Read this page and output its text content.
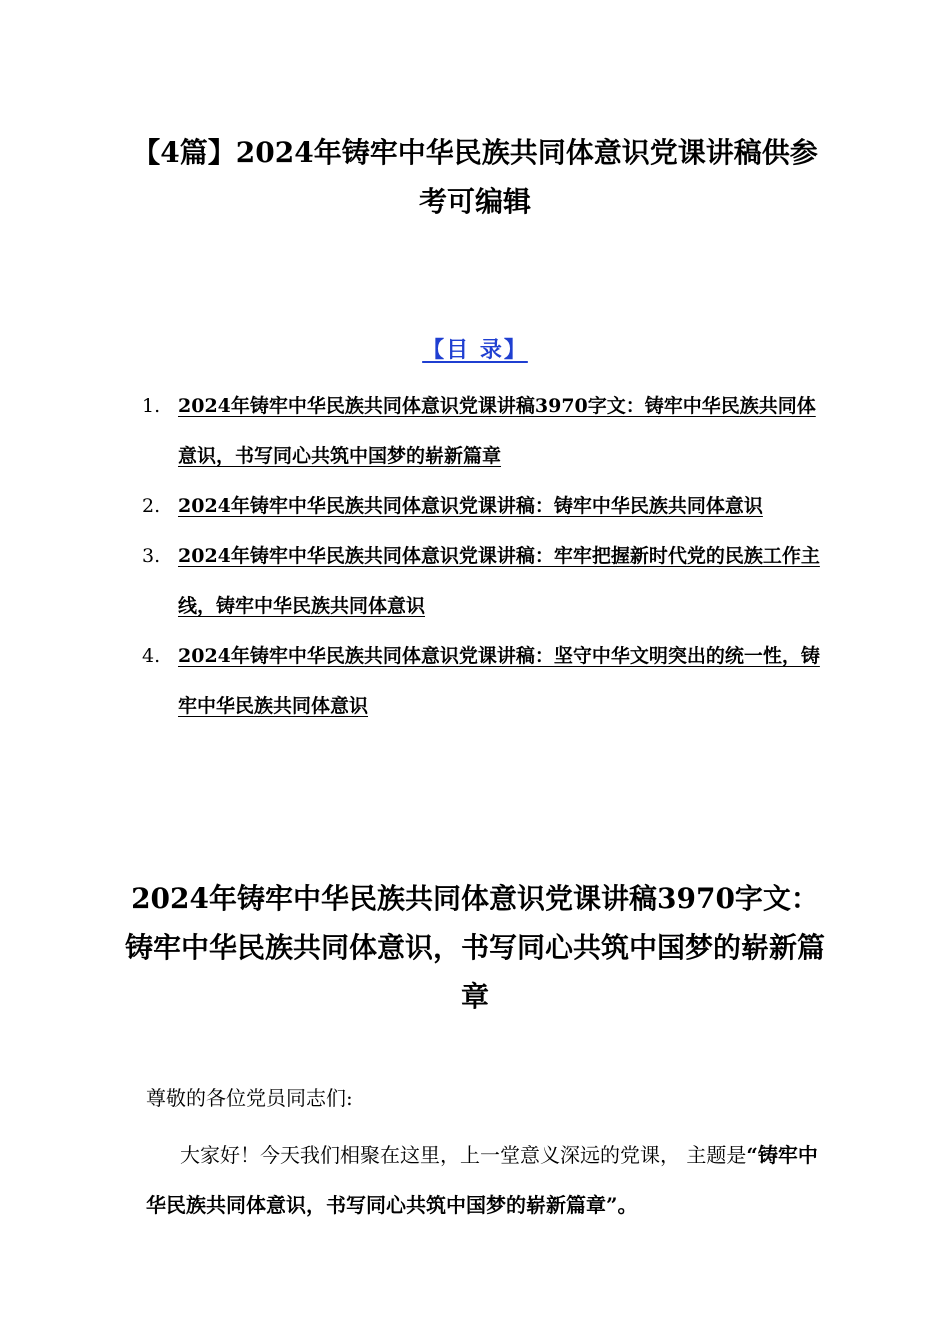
【4篇】2024年铸牢中华民族共同体意识党课讲稿供参考可编辑
【目 录】
1. 2024年铸牢中华民族共同体意识党课讲稿3970字文：铸牢中华民族共同体意识，书写同心共筑中国梦的崭新篇章
2. 2024年铸牢中华民族共同体意识党课讲稿：铸牢中华民族共同体意识
3. 2024年铸牢中华民族共同体意识党课讲稿：牢牢把握新时代党的民族工作主线，铸牢中华民族共同体意识
4. 2024年铸牢中华民族共同体意识党课讲稿：坚守中华文明突出的统一性，铸牢中华民族共同体意识
2024年铸牢中华民族共同体意识党课讲稿3970字文：铸牢中华民族共同体意识，书写同心共筑中国梦的崭新篇章
尊敬的各位党员同志们:

大家好！今天我们相聚在这里，上一堂意义深远的党课， 主题是“铸牢中华民族共同体意识，书写同心共筑中国梦的崭新篇章”。
